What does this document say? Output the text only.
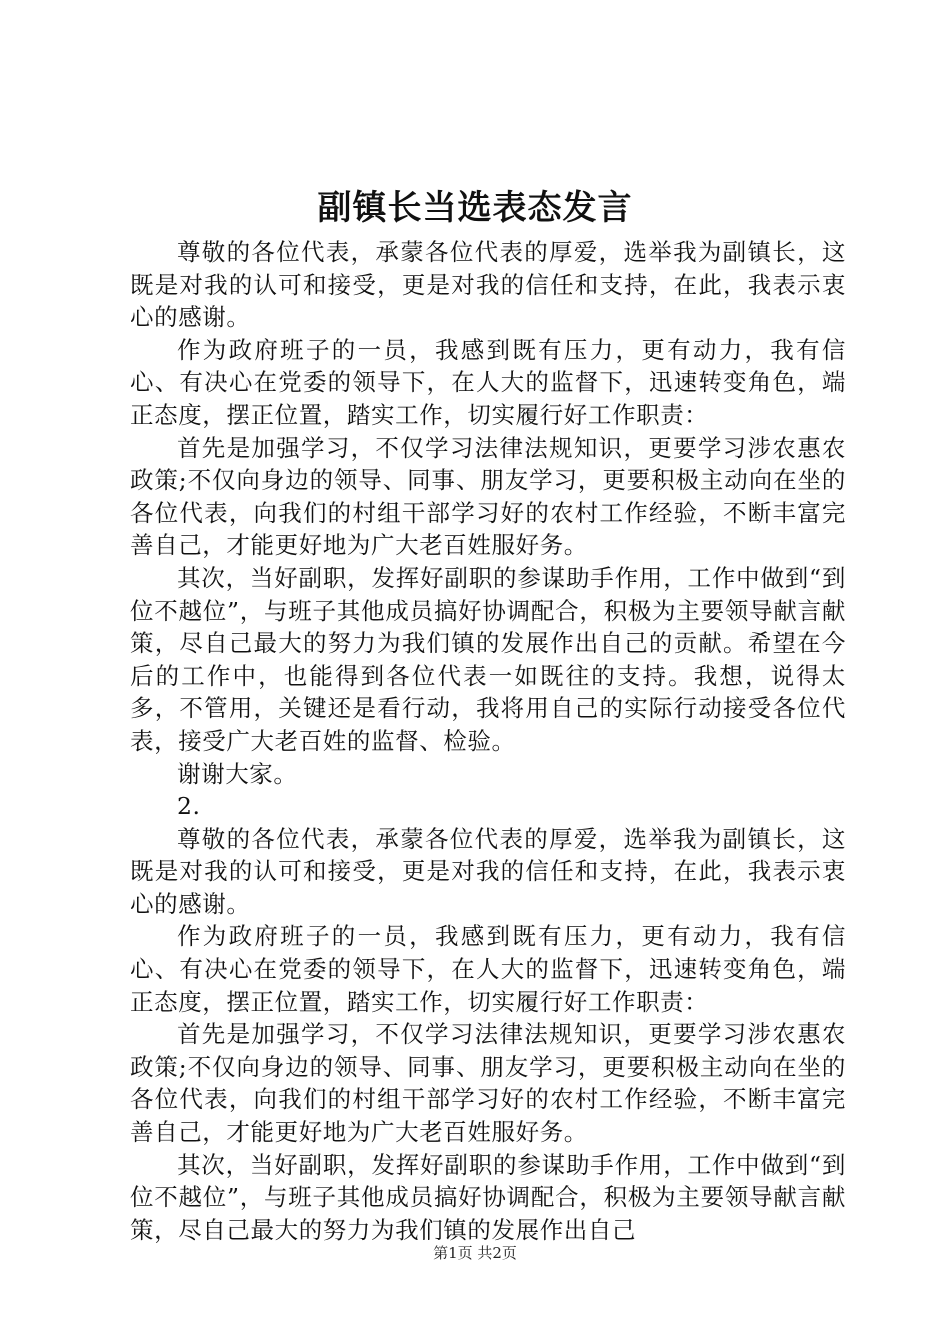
副镇长当选表态发言

尊敬的各位代表，承蒙各位代表的厚爱，选举我为副镇长，这既是对我的认可和接受，更是对我的信任和支持，在此，我表示衷心的感谢。

作为政府班子的一员，我感到既有压力，更有动力，我有信心、有决心在党委的领导下，在人大的监督下，迅速转变角色，端正态度，摆正位置，踏实工作，切实履行好工作职责：

首先是加强学习，不仅学习法律法规知识，更要学习涉农惠农政策;不仅向身边的领导、同事、朋友学习，更要积极主动向在坐的各位代表，向我们的村组干部学习好的农村工作经验，不断丰富完善自己，才能更好地为广大老百姓服好务。

其次，当好副职，发挥好副职的参谋助手作用，工作中做到“到位不越位”，与班子其他成员搞好协调配合，积极为主要领导献言献策，尽自己最大的努力为我们镇的发展作出自己的贡献。希望在今后的工作中，也能得到各位代表一如既往的支持。我想，说得太多，不管用，关键还是看行动，我将用自己的实际行动接受各位代表，接受广大老百姓的监督、检验。

谢谢大家。

2.

尊敬的各位代表，承蒙各位代表的厚爱，选举我为副镇长，这既是对我的认可和接受，更是对我的信任和支持，在此，我表示衷心的感谢。

作为政府班子的一员，我感到既有压力，更有动力，我有信心、有决心在党委的领导下，在人大的监督下，迅速转变角色，端正态度，摆正位置，踏实工作，切实履行好工作职责：

首先是加强学习，不仅学习法律法规知识，更要学习涉农惠农政策;不仅向身边的领导、同事、朋友学习，更要积极主动向在坐的各位代表，向我们的村组干部学习好的农村工作经验，不断丰富完善自己，才能更好地为广大老百姓服好务。

其次，当好副职，发挥好副职的参谋助手作用，工作中做到“到位不越位”，与班子其他成员搞好协调配合，积极为主要领导献言献策，尽自己最大的努力为我们镇的发展作出自己

第1页 共2页
